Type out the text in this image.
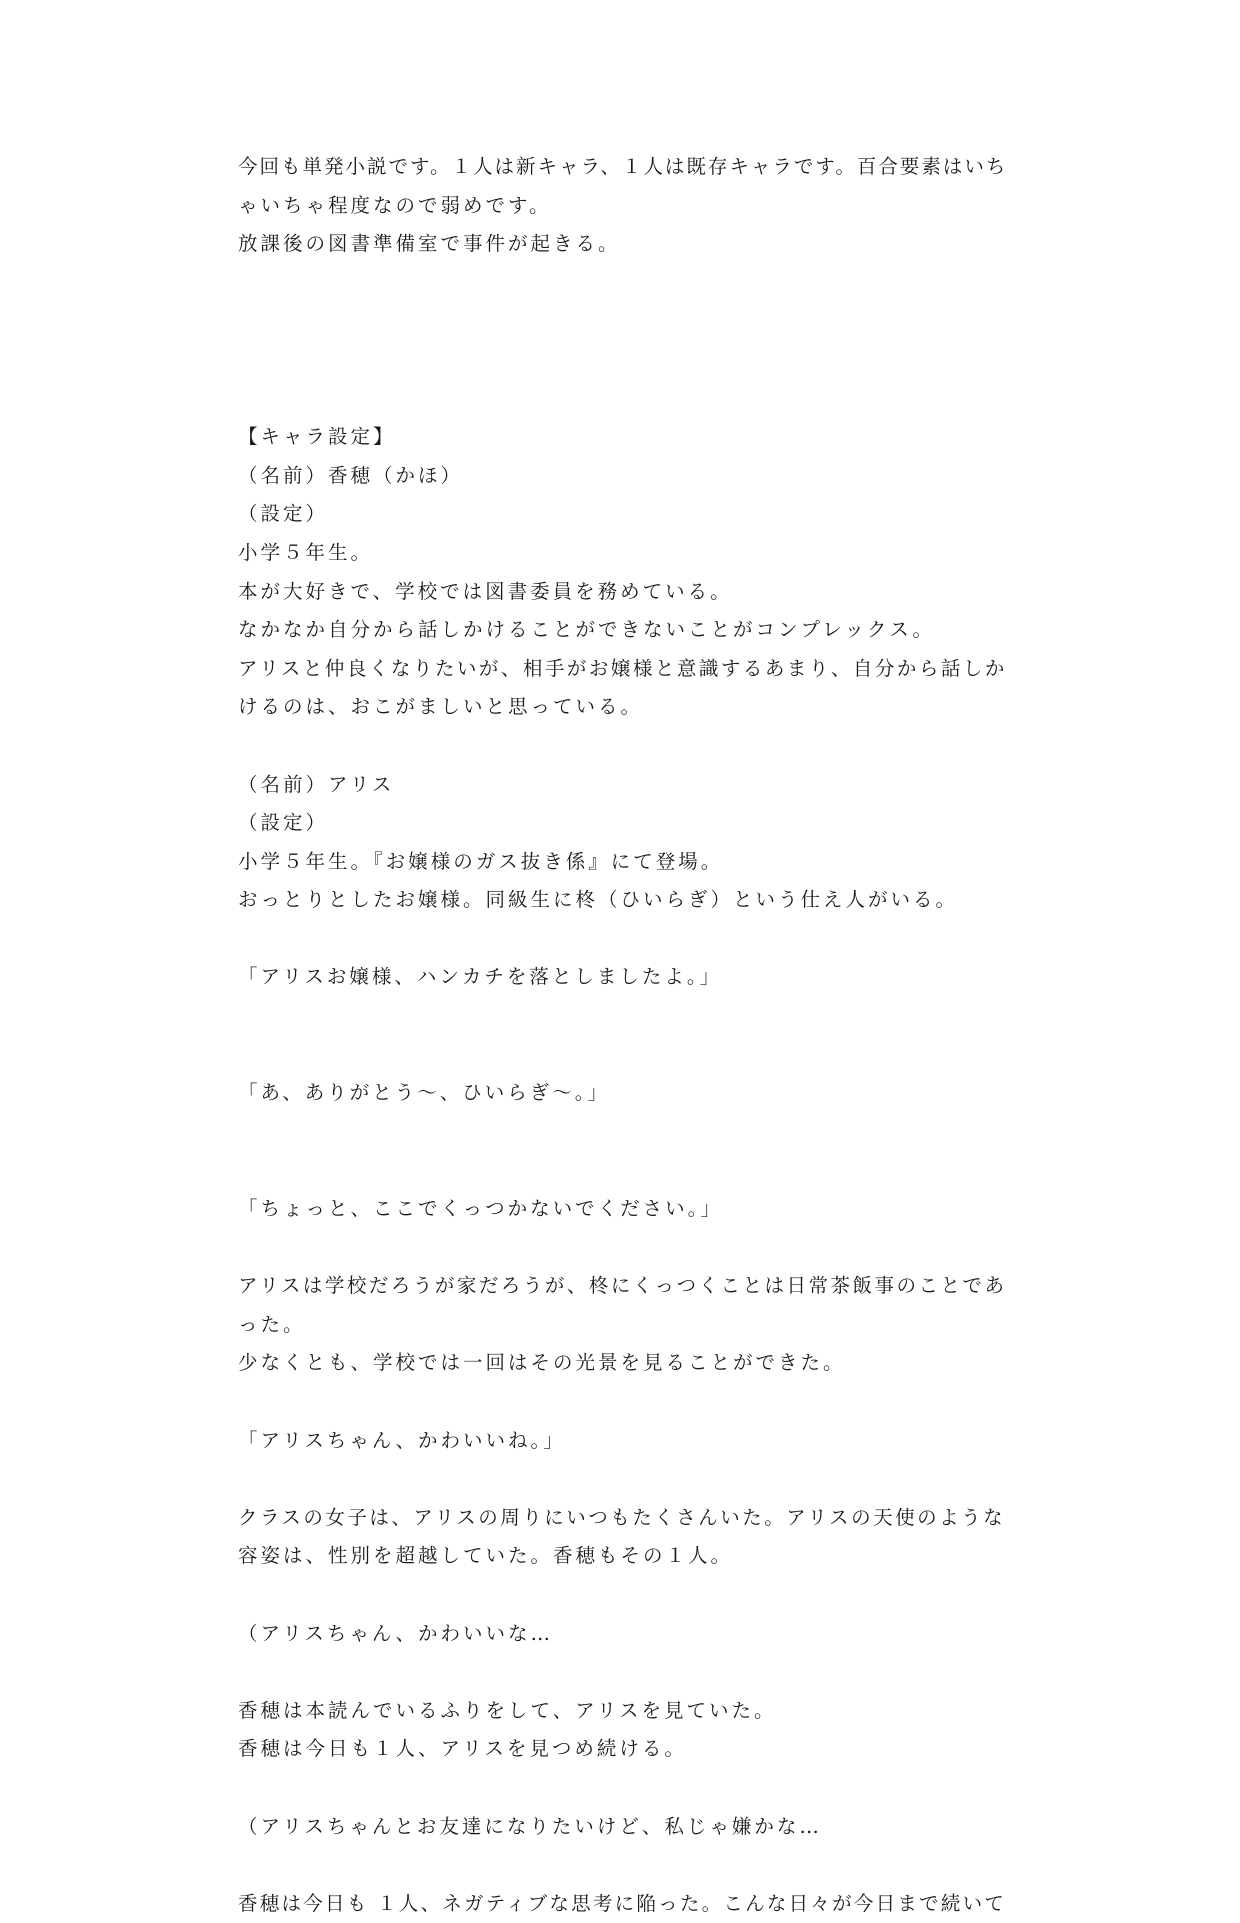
今回も単発小説です。１人は新キャラ、１人は既存キャラです。百合要素はいち
ゃいちゃ程度なので弱めです。
放課後の図書準備室で事件が起きる。
【キャラ設定】
（名前）香穂（かほ）
（設定）
小学５年生。
本が大好きで、学校では図書委員を務めている。
なかなか自分から話しかけることができないことがコンプレックス。
アリスと仲良くなりたいが、相手がお嬢様と意識するあまり、自分から話しか
けるのは、おこがましいと思っている。
（名前）アリス
（設定）
小学５年生。『お嬢様のガス抜き係』にて登場。
おっとりとしたお嬢様。同級生に柊（ひいらぎ）という仕え人がいる。
「アリスお嬢様、ハンカチを落としましたよ。」
「あ、ありがとう〜、ひいらぎ〜。」
「ちょっと、ここでくっつかないでください。」
アリスは学校だろうが家だろうが、柊にくっつくことは日常茶飯事のことであ
った。
少なくとも、学校では一回はその光景を見ることができた。
「アリスちゃん、かわいいね。」
クラスの女子は、アリスの周りにいつもたくさんいた。アリスの天使のような
容姿は、性別を超越していた。香穂もその１人。
（アリスちゃん、かわいいな…
香穂は本読んでいるふりをして、アリスを見ていた。
香穂は今日も１人、アリスを見つめ続ける。
（アリスちゃんとお友達になりたいけど、私じゃ嫌かな…
香穂は今日も １人、ネガティブな思考に陥った。こんな日々が今日まで続いて
